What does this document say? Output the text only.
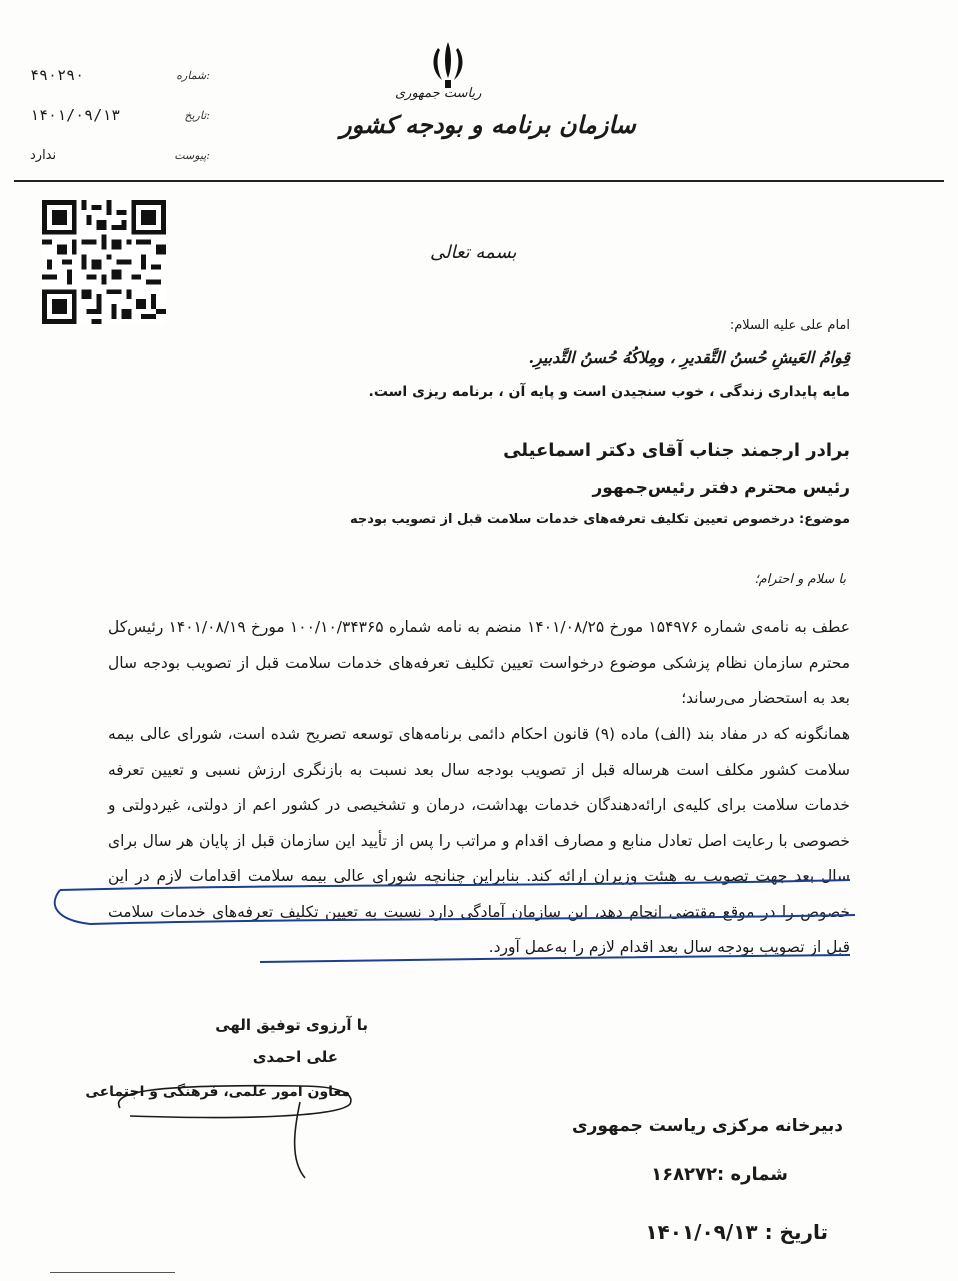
۴۹۰۲۹۰	شماره:
۱۴۰۱/۰۹/۱۳	تاریخ:
ندارد	پیوست:
ریاست جمهوری
سازمان برنامه و بودجه کشور
بسمه تعالی
امام علی علیه السلام:
قِوامُ العَيشِ حُسنُ التَّقديرِ ، ومِلاكُهُ حُسنُ التَّدبيرِ.
مایه پایداری زندگی ، خوب سنجیدن است و پایه آن ، برنامه ریزی است.
برادر ارجمند جناب آقای دکتر اسماعیلی
رئیس محترم دفتر رئیس‌جمهور
موضوع: درخصوص تعیین تکلیف تعرفه‌های خدمات سلامت قبل از تصویب بودجه
با سلام و احترام؛
عطف به نامه‌ی شماره ۱۵۴۹۷۶ مورخ ۱۴۰۱/۰۸/۲۵ منضم به نامه شماره ۱۰۰/۱۰/۳۴۳۶۵ مورخ ۱۴۰۱/۰۸/۱۹ رئیس‌کل محترم سازمان نظام پزشکی موضوع درخواست تعیین تکلیف تعرفه‌های خدمات سلامت قبل از تصویب بودجه سال بعد به استحضار می‌رساند؛
همانگونه که در مفاد بند (الف) ماده (۹) قانون احکام دائمی برنامه‌های توسعه تصریح شده است، شورای عالی بیمه سلامت کشور مکلف است هرساله قبل از تصویب بودجه سال بعد نسبت به بازنگری ارزش نسبی و تعیین تعرفه خدمات سلامت برای کلیه‌ی ارائه‌دهندگان خدمات بهداشت، درمان و تشخیصی در کشور اعم از دولتی، غیردولتی و خصوصی با رعایت اصل تعادل منابع و مصارف اقدام و مراتب را پس از تأیید این سازمان قبل از پایان هر سال برای سال بعد جهت تصویب به هیئت وزیران ارائه کند. بنابراین چنانچه شورای عالی بیمه سلامت اقدامات لازم در این خصوص را در موقع مقتضی انجام دهد، این سازمان آمادگی دارد نسبت به تعیین تکلیف تعرفه‌های خدمات سلامت قبل از تصویب بودجه سال بعد اقدام لازم را به‌عمل آورد.
با آرزوی توفیق الهی
علی احمدی
معاون امور علمی، فرهنگی و اجتماعی
دبیرخانه مرکزی ریاست جمهوری
شماره :۱۶۸۲۷۲
تاریخ : ۱۴۰۱/۰۹/۱۳
